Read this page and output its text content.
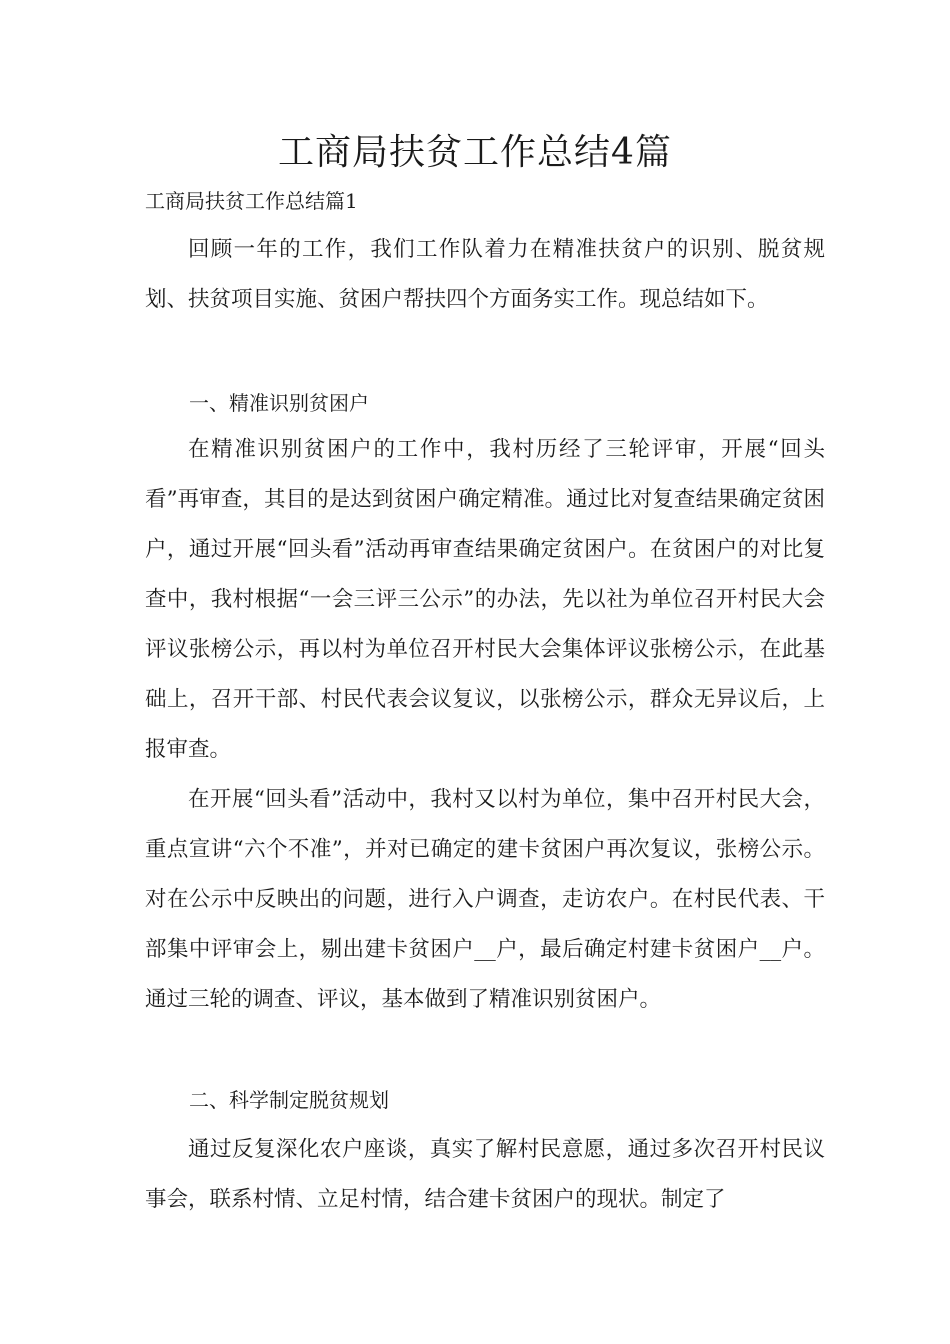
工商局扶贫工作总结4篇

工商局扶贫工作总结篇1

回顾一年的工作，我们工作队着力在精准扶贫户的识别、脱贫规划、扶贫项目实施、贫困户帮扶四个方面务实工作。现总结如下。

一、精准识别贫困户

在精准识别贫困户的工作中，我村历经了三轮评审，开展“回头看”再审查，其目的是达到贫困户确定精准。通过比对复查结果确定贫困户，通过开展“回头看”活动再审查结果确定贫困户。在贫困户的对比复查中，我村根据“一会三评三公示”的办法，先以社为单位召开村民大会评议张榜公示，再以村为单位召开村民大会集体评议张榜公示，在此基础上，召开干部、村民代表会议复议，以张榜公示，群众无异议后，上报审查。

在开展“回头看”活动中，我村又以村为单位，集中召开村民大会，重点宣讲“六个不准”，并对已确定的建卡贫困户再次复议，张榜公示。对在公示中反映出的问题，进行入户调查，走访农户。在村民代表、干部集中评审会上，剔出建卡贫困户__户，最后确定村建卡贫困户__户。通过三轮的调查、评议，基本做到了精准识别贫困户。

二、科学制定脱贫规划

通过反复深化农户座谈，真实了解村民意愿，通过多次召开村民议事会，联系村情、立足村情，结合建卡贫困户的现状。制定了
